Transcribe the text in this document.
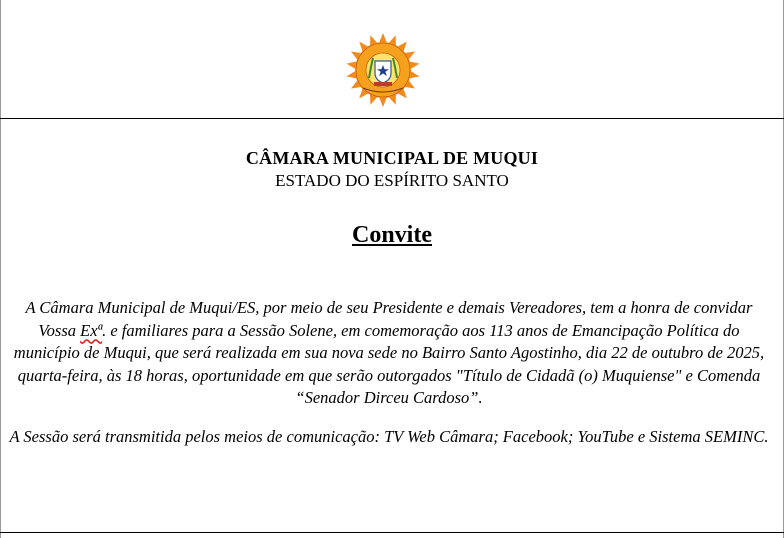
CÂMARA MUNICIPAL DE MUQUI
ESTADO DO ESPÍRITO SANTO
Convite
A Câmara Municipal de Muqui/ES, por meio de seu Presidente e demais Vereadores, tem a honra de convidar Vossa Exª. e familiares para a Sessão Solene, em comemoração aos 113 anos de Emancipação Política do município de Muqui, que será realizada em sua nova sede no Bairro Santo Agostinho, dia 22 de outubro de 2025, quarta-feira, às 18 horas, oportunidade em que serão outorgados "Título de Cidadã (o) Muquiense" e Comenda “Senador Dirceu Cardoso”.
A Sessão será transmitida pelos meios de comunicação: TV Web Câmara; Facebook; YouTube e Sistema SEMINC.
